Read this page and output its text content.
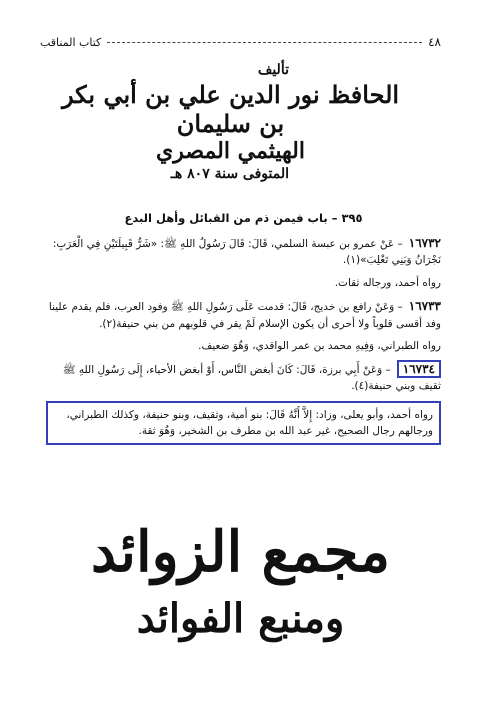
٤٨
كتاب المناقب
تأليف
الحافظ نور الدين علي بن أبي بكر بن سليمان
الهيثمي المصري
المتوفى سنة ٨٠٧ هـ
٣٩٥ – باب فيمن ذم من القبائل وأهل البدع

١٦٧٣٢– عَنْ عمرو بن عبسة السلمي، قَالَ: قَالَ رَسُولُ اللهِ ﷺ: «شَرُّ قَبِيلَتَيْنِ فِي الْعَرَبِ: نَجْرَانُ وَبَنِي تَغْلِبَ»(١).

رواه أحمد، ورجاله ثقات.

١٦٧٣٣– وَعَنْ رافع بن خديج، قَالَ: قدمت عَلَى رَسُولِ اللهِ ﷺ وفود العرب، فلم يقدم علينا وفد أقسى قلوباً ولا أحرى أن يكون الإسلام لَمْ يقر في قلوبهم من بني حنيفة(٢).

رواه الطبراني، وَفِيهِ محمد بن عمر الواقدي، وَهُوَ ضعيف.

١٦٧٣٤– وَعَنْ أَبِي برزة، قَالَ: كَانَ أبغض النَّاس، أَوْ أبغض الأحياء، إِلَى رَسُولِ اللهِ ﷺ ثقيف وبني حنيفة(٤).

رواه أحمد، وأبو يعلى، وزاد: إِلاَّ أَنَّهُ قَالَ: بنو أمية، وثقيف، وبنو حنيفة، وكذلك الطبراني، ورجالهم رجال الصحيح، غير عبد الله بن مطرف بن الشخير، وَهُوَ ثقة.
مجمع الزوائد
ومنبع الفوائد
